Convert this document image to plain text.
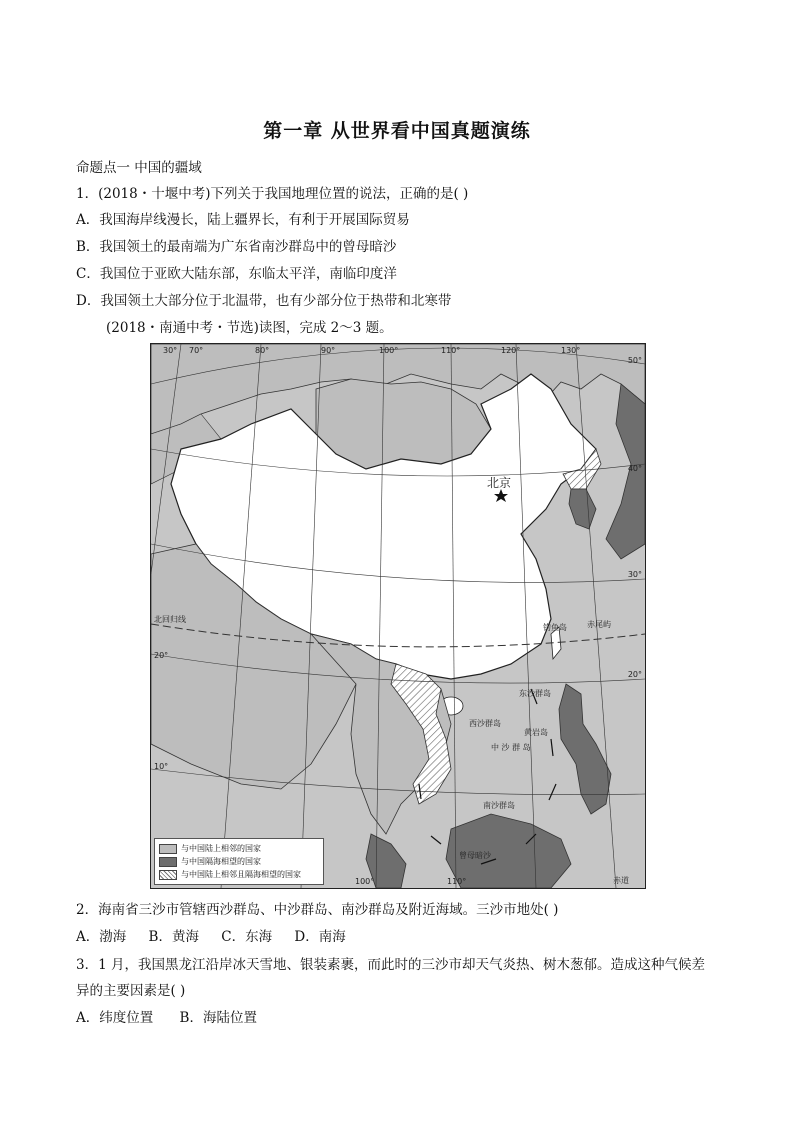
第一章 从世界看中国真题演练
命题点一 中国的疆域
1．(2018・十堰中考)下列关于我国地理位置的说法，正确的是( )
A．我国海岸线漫长，陆上疆界长，有利于开展国际贸易
B．我国领土的最南端为广东省南沙群岛中的曾母暗沙
C．我国位于亚欧大陆东部，东临太平洋，南临印度洋
D．我国领土大部分位于北温带，也有少部分位于热带和北寒带
(2018・南通中考・节选)读图，完成 2～3 题。
70°	80°	90°	100°	110°	120°	130°
30°
50°
40°
30°
20°
20°
10°
北回归线
100°	110°
北京
钓鱼岛	赤尾屿
东沙群岛
西沙群岛
黄岩岛
中 沙 群 岛
南沙群岛
曾母暗沙
赤道
与中国陆上相邻的国家
与中国隔海相望的国家
与中国陆上相邻且隔海相望的国家
2．海南省三沙市管辖西沙群岛、中沙群岛、南沙群岛及附近海域。三沙市地处( )
A．渤海 B．黄海 C．东海 D．南海
3．1 月，我国黑龙江沿岸冰天雪地、银装素裹，而此时的三沙市却天气炎热、树木葱郁。造成这种气候差
异的主要因素是( )
A．纬度位置 B．海陆位置
